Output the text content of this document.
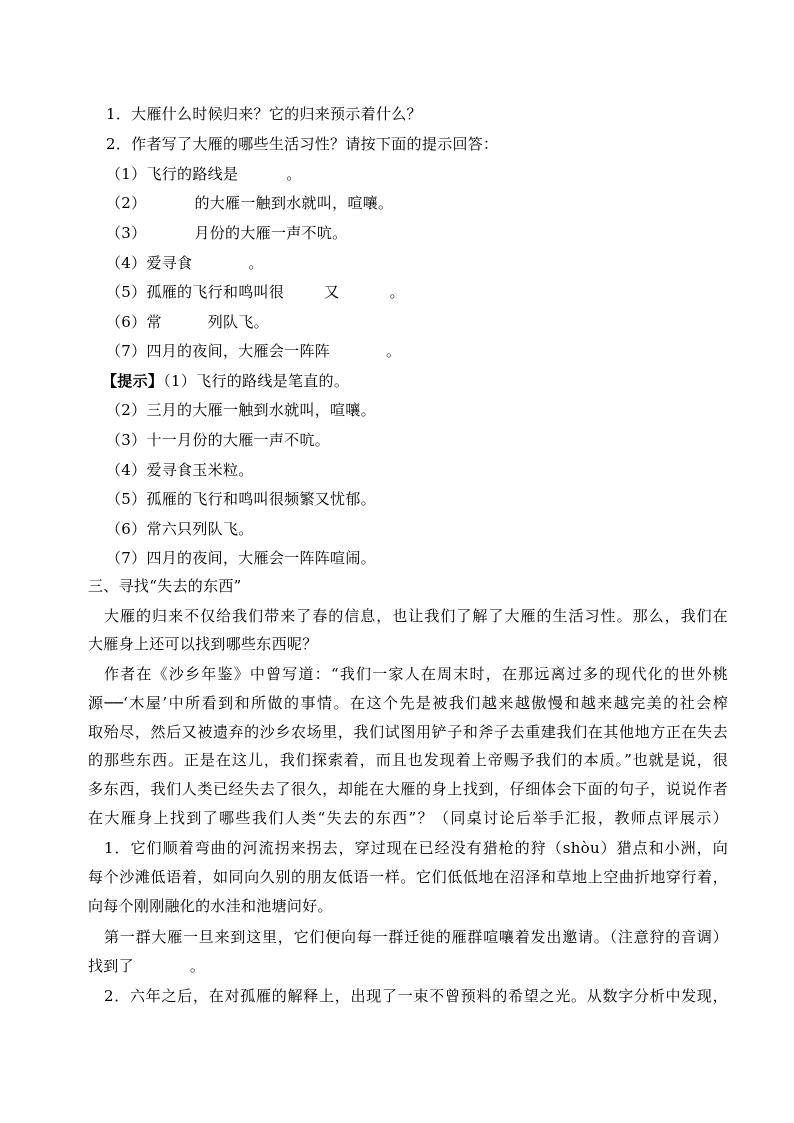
1．大雁什么时候归来？它的归来预示着什么？
2．作者写了大雁的哪些生活习性？请按下面的提示回答：
（1）飞行的路线是	。
（2）	的大雁一触到水就叫，喧嚷。
（3）	月份的大雁一声不吭。
（4）爱寻食	。
（5）孤雁的飞行和鸣叫很	又	。
（6）常	列队飞。
（7）四月的夜间，大雁会一阵阵	。
【提示】（1）飞行的路线是笔直的。
（2）三月的大雁一触到水就叫，喧嚷。
（3）十一月份的大雁一声不吭。
（4）爱寻食玉米粒。
（5）孤雁的飞行和鸣叫很频繁又忧郁。
（6）常六只列队飞。
（7）四月的夜间，大雁会一阵阵喧闹。
三、寻找“失去的东西”
大雁的归来不仅给我们带来了春的信息，也让我们了解了大雁的生活习性。那么，我们在
大雁身上还可以找到哪些东西呢？
作者在《沙乡年鉴》中曾写道：“我们一家人在周末时，在那远离过多的现代化的世外桃
源──‘木屋’中所看到和所做的事情。在这个先是被我们越来越傲慢和越来越完美的社会榨
取殆尽，然后又被遗弃的沙乡农场里，我们试图用铲子和斧子去重建我们在其他地方正在失去
的那些东西。正是在这儿，我们探索着，而且也发现着上帝赐予我们的本质。”也就是说，很
多东西，我们人类已经失去了很久，却能在大雁的身上找到，仔细体会下面的句子，说说作者
在大雁身上找到了哪些我们人类“失去的东西”？（同桌讨论后举手汇报，教师点评展示）
1．它们顺着弯曲的河流拐来拐去，穿过现在已经没有猎枪的狩（shòu）猎点和小洲，向
每个沙滩低语着，如同向久别的朋友低语一样。它们低低地在沼泽和草地上空曲折地穿行着，
向每个刚刚融化的水洼和池塘问好。
第一群大雁一旦来到这里，它们便向每一群迁徙的雁群喧嚷着发出邀请。（注意狩的音调）
找到了	。
2．六年之后，在对孤雁的解释上，出现了一束不曾预料的希望之光。从数字分析中发现，
